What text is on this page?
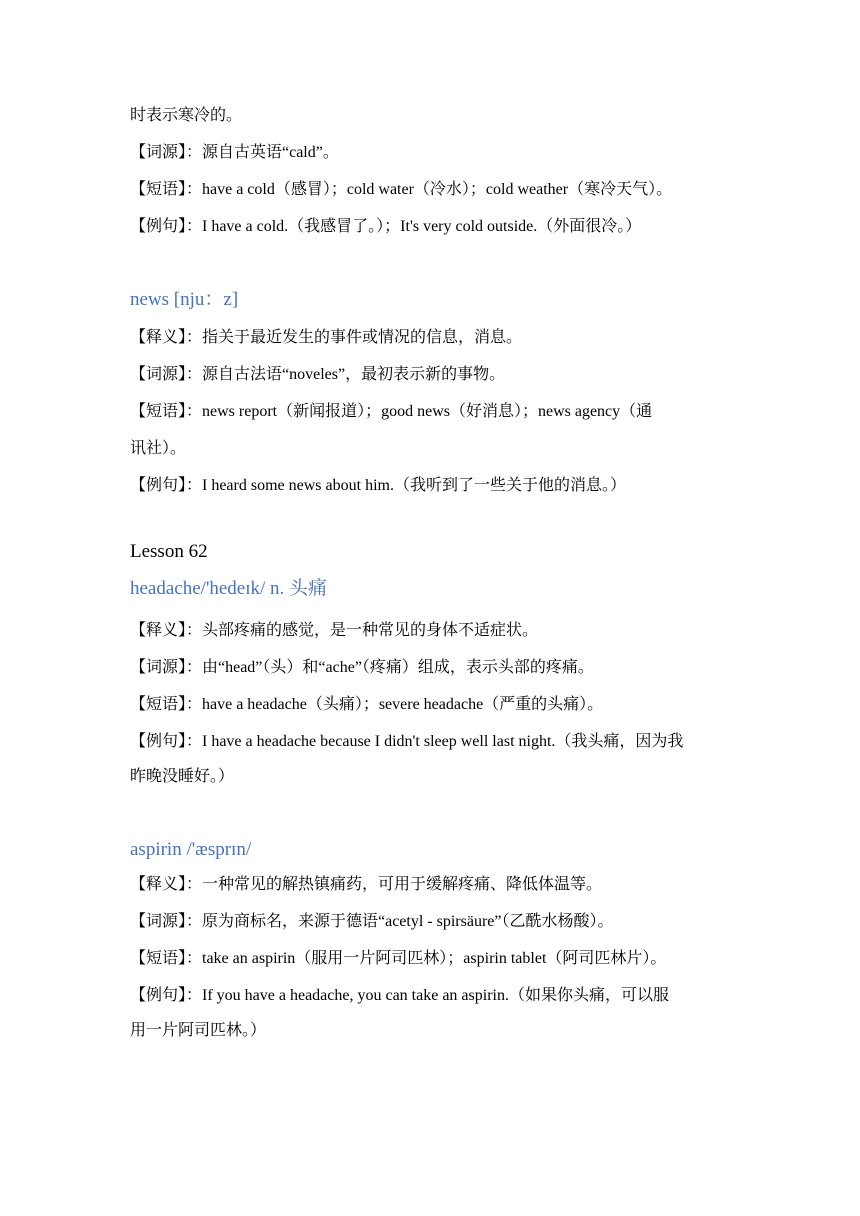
时表示寒冷的。
【词源】：源自古英语“cald”。
【短语】：have a cold（感冒）；cold water（冷水）；cold weather（寒冷天气）。
【例句】：I have a cold.（我感冒了。）；It's very cold outside.（外面很冷。）
news [nju：z]
【释义】：指关于最近发生的事件或情况的信息，消息。
【词源】：源自古法语“noveles”，最初表示新的事物。
【短语】：news report（新闻报道）；good news（好消息）；news agency（通
讯社）。
【例句】：I heard some news about him.（我听到了一些关于他的消息。）
Lesson 62
headache/'hedeɪk/ n. 头痛
【释义】：头部疼痛的感觉，是一种常见的身体不适症状。
【词源】：由“head”（头）和“ache”（疼痛）组成，表示头部的疼痛。
【短语】：have a headache（头痛）；severe headache（严重的头痛）。
【例句】：I have a headache because I didn't sleep well last night.（我头痛，因为我
昨晚没睡好。）
aspirin /'æsprɪn/
【释义】：一种常见的解热镇痛药，可用于缓解疼痛、降低体温等。
【词源】：原为商标名，来源于德语“acetyl - spirsäure”（乙酰水杨酸）。
【短语】：take an aspirin（服用一片阿司匹林）；aspirin tablet（阿司匹林片）。
【例句】：If you have a headache, you can take an aspirin.（如果你头痛，可以服
用一片阿司匹林。）
